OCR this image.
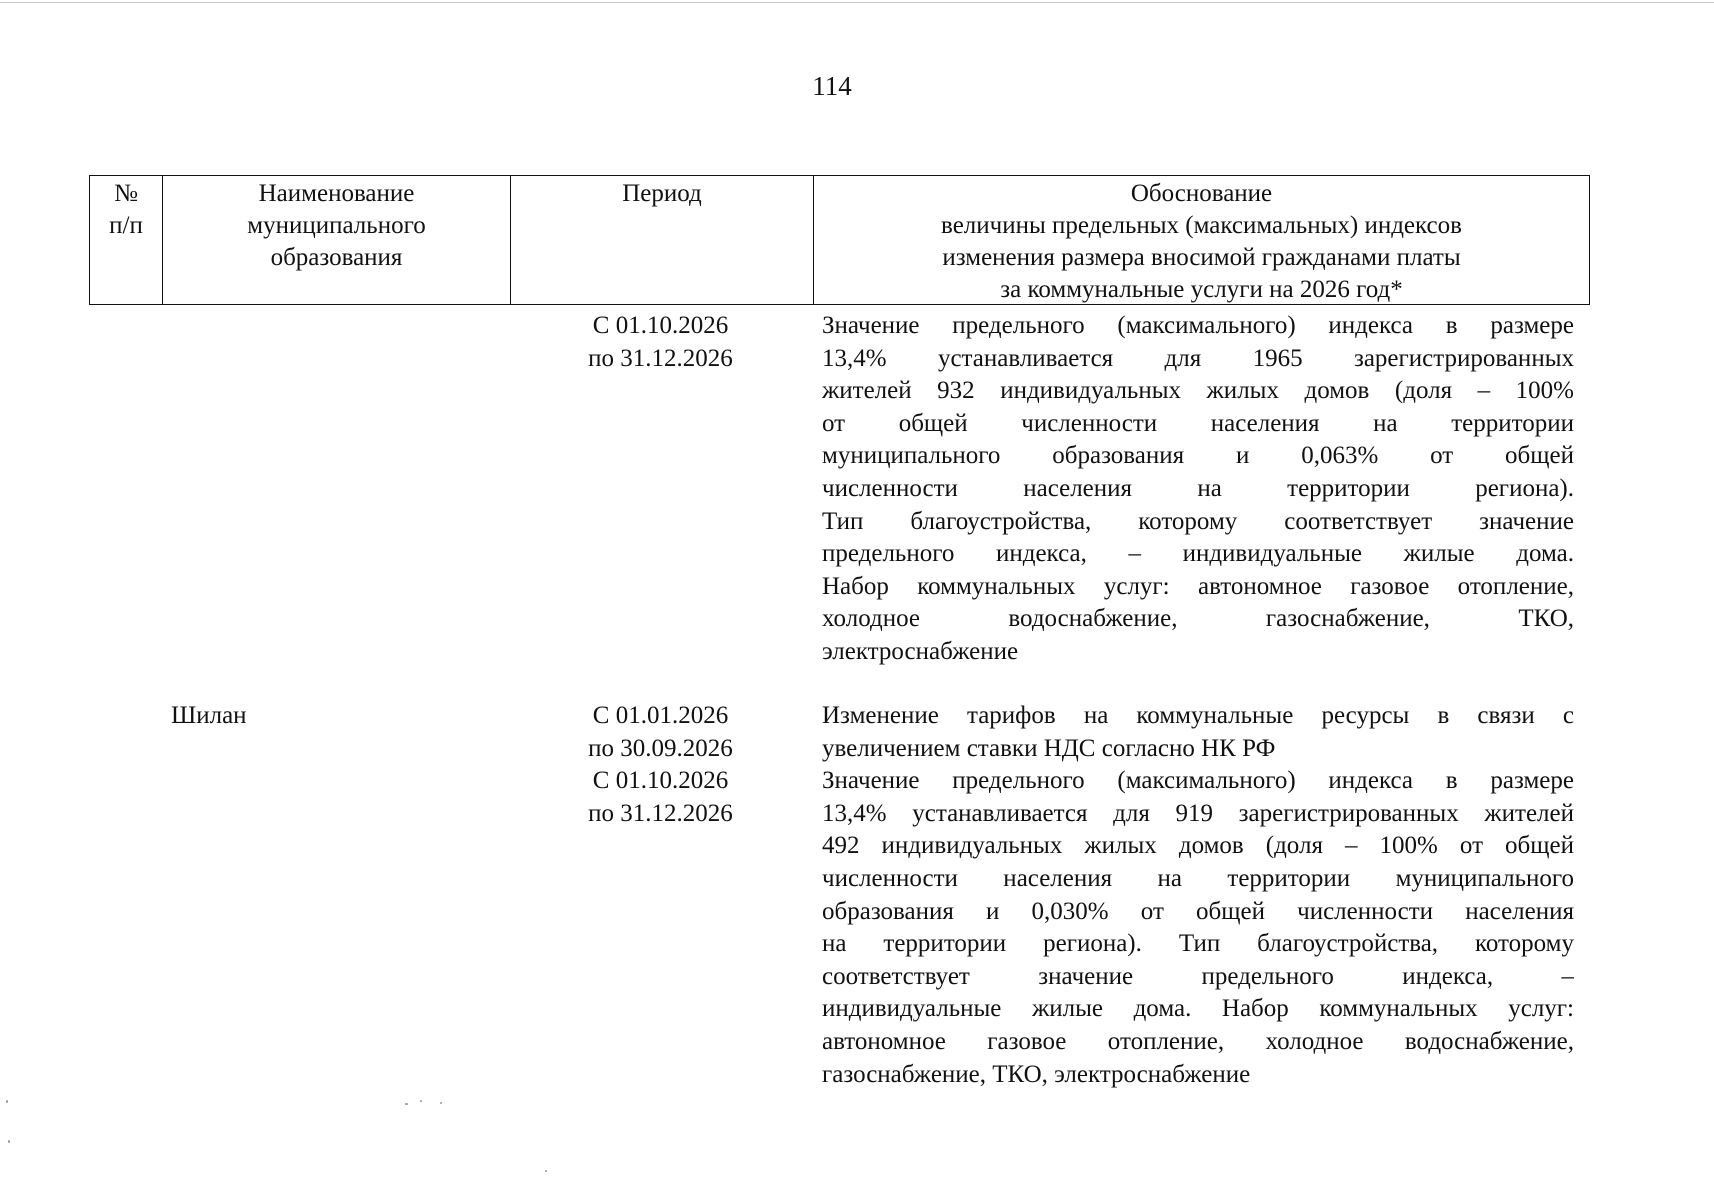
114
№
п/п
Наименование
муниципального
образования
Период	Обоснование
величины предельных (максимальных) индексов
изменения размера вносимой гражданами платы
за коммунальные услуги на 2026 год*
С 01.10.2026
по 31.12.2026
Значение предельного (максимального) индекса в размере
13,4% устанавливается для 1965 зарегистрированных
жителей 932 индивидуальных жилых домов (доля – 100%
от общей численности населения на территории
муниципального образования и 0,063% от общей
численности населения на территории региона).
Тип благоустройства, которому соответствует значение
предельного индекса, – индивидуальные жилые дома.
Набор коммунальных услуг: автономное газовое отопление,
холодное водоснабжение, газоснабжение, ТКО,
электроснабжение
Шилан	С 01.01.2026
по 30.09.2026
С 01.10.2026
по 31.12.2026
Изменение тарифов на коммунальные ресурсы в связи с
увеличением ставки НДС согласно НК РФ
Значение предельного (максимального) индекса в размере
13,4% устанавливается для 919 зарегистрированных жителей
492 индивидуальных жилых домов (доля – 100% от общей
численности населения на территории муниципального
образования и 0,030% от общей численности населения
на территории региона). Тип благоустройства, которому
соответствует значение предельного индекса, –
индивидуальные жилые дома. Набор коммунальных услуг:
автономное газовое отопление, холодное водоснабжение,
газоснабжение, ТКО, электроснабжение
